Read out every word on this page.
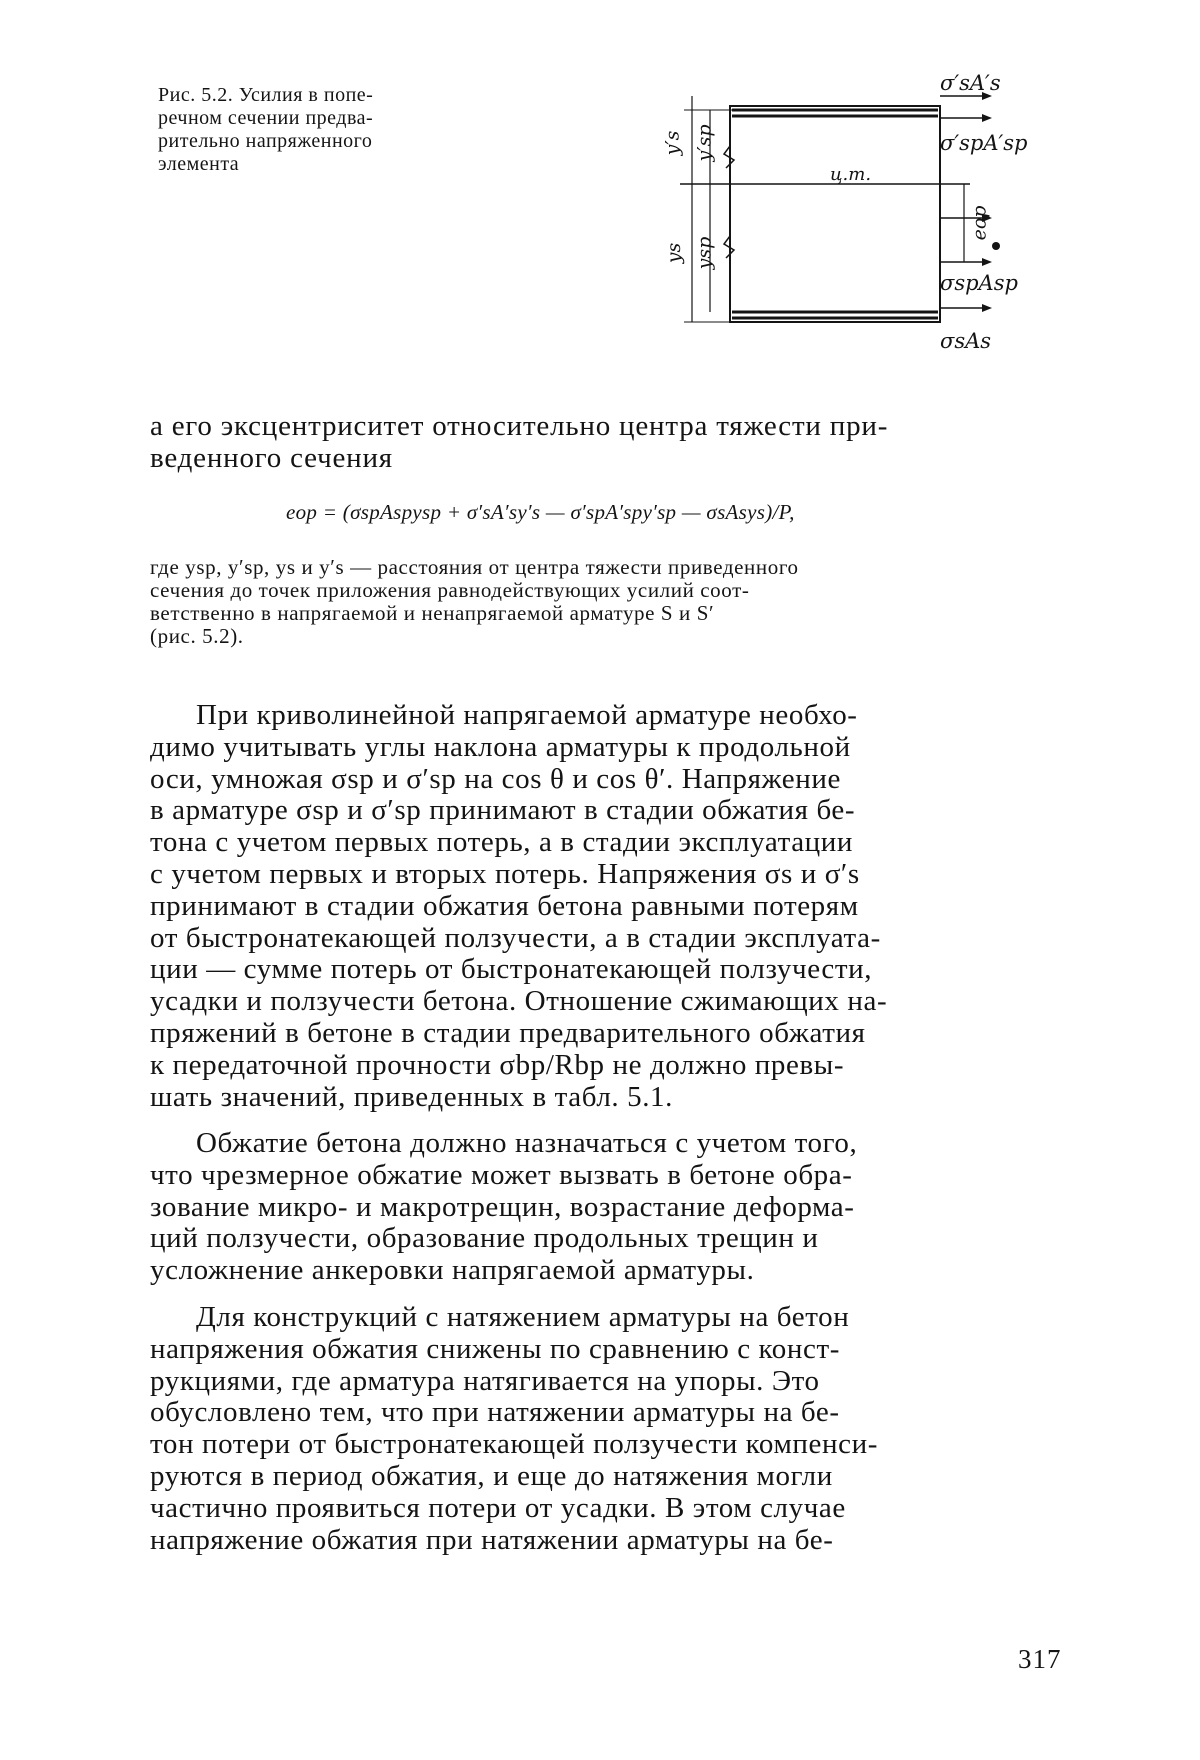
Рис. 5.2. Усилия в попе-
речном сечении предва-
рительно напряженного
элемента
σ′sA′s
σ′spA′sp
ц.т.
eop
σspAsp
σsAs
y′s y′sp
ys ysp
а его эксцентриситет относительно центра тяжести при-
веденного сечения
eop = (σspAspysp + σ′sA′sy′s — σ′spA′spy′sp — σsAsys)/P,
где ysp, y′sp, ys и y′s — расстояния от центра тяжести приведенного
сечения до точек приложения равнодействующих усилий соот-
ветственно в напрягаемой и ненапрягаемой арматуре S и S′
(рис. 5.2).
При криволинейной напрягаемой арматуре необхо-
димо учитывать углы наклона арматуры к продольной
оси, умножая σsp и σ′sp на cos θ и cos θ′. Напряжение
в арматуре σsp и σ′sp принимают в стадии обжатия бе-
тона с учетом первых потерь, а в стадии эксплуатации
с учетом первых и вторых потерь. Напряжения σs и σ′s
принимают в стадии обжатия бетона равными потерям
от быстронатекающей ползучести, а в стадии эксплуата-
ции — сумме потерь от быстронатекающей ползучести,
усадки и ползучести бетона. Отношение сжимающих на-
пряжений в бетоне в стадии предварительного обжатия
к передаточной прочности σbp/Rbp не должно превы-
шать значений, приведенных в табл. 5.1.
Обжатие бетона должно назначаться с учетом того,
что чрезмерное обжатие может вызвать в бетоне обра-
зование микро- и макротрещин, возрастание деформа-
ций ползучести, образование продольных трещин и
усложнение анкеровки напрягаемой арматуры.
Для конструкций с натяжением арматуры на бетон
напряжения обжатия снижены по сравнению с конст-
рукциями, где арматура натягивается на упоры. Это
обусловлено тем, что при натяжении арматуры на бе-
тон потери от быстронатекающей ползучести компенси-
руются в период обжатия, и еще до натяжения могли
частично проявиться потери от усадки. В этом случае
напряжение обжатия при натяжении арматуры на бе-
317
